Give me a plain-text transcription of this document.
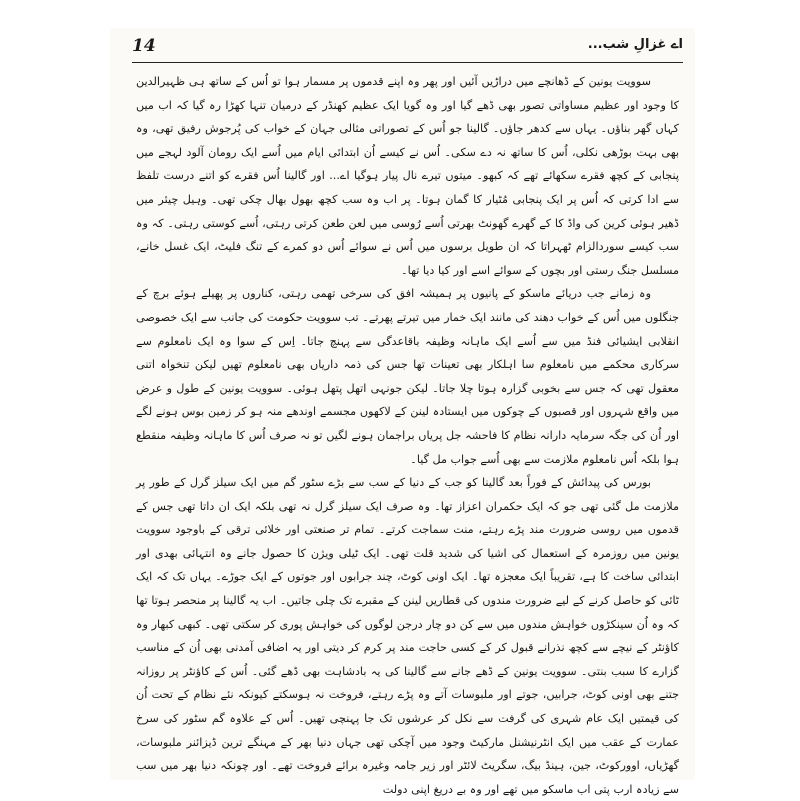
14	اے غزالِ شب...

سوویت یونین کے ڈھانچے میں دراڑیں آئیں اور پھر وہ اپنے قدموں پر مسمار ہوا تو اُس کے ساتھ ہی ظہیرالدین کا وجود اور عظیم مساواتی تصور بھی ڈھے گیا اور وہ گویا ایک عظیم کھنڈر کے درمیان تنہا کھڑا رہ گیا کہ اب میں کہاں گھر بناؤں۔ یہاں سے کدھر جاؤں۔ گالینا جو اُس کے تصوراتی مثالی جہان کے خواب کی پُرجوش رفیق تھی، وہ بھی بہت بوڑھی نکلی، اُس کا ساتھ نہ دے سکی۔ اُس نے کیسے اُن ابتدائی ایام میں اُسے ایک رومان آلود لہجے میں پنجابی کے کچھ فقرے سکھائے تھے کہ کبھو۔ میتوں تیرے نال پیار ہوگیا اے... اور گالینا اُس فقرے کو اتنے درست تلفظ سے ادا کرتی کہ اُس پر ایک پنجابی مُٹیار کا گمان ہوتا۔ پر اب وہ سب کچھ بھول بھال چکی تھی۔ وہیل چیئر میں ڈھیر ہوئی کرین کی واڈ کا کے گھرے گھونٹ بھرتی اُسے رُوسی میں لعن طعن کرتی رہتی، اُسے کوستی رہتی۔ کہ وہ سب کیسے سوردالزام ٹھہراتا کہ ان طویل برسوں میں اُس نے سوائے اُس دو کمرے کے تنگ فلیٹ، ایک غسل خانے، مسلسل جنگ رستی اور بچوں کے سوائے اسے اور کیا دیا تھا۔

وہ زمانے جب دریائے ماسکو کے پانیوں پر ہمیشہ افق کی سرخی تھمی رہتی، کناروں پر پھیلے ہوئے برچ کے جنگلوں میں اُس کے خواب دھند کی مانند ایک خمار میں تیرتے پھرتے۔ تب سوویت حکومت کی جانب سے ایک خصوصی انقلابی ایشیائی فنڈ میں سے اُسے ایک ماہانہ وظیفہ باقاعدگی سے پہنچ جاتا۔ اِس کے سوا وہ ایک نامعلوم سے سرکاری محکمے میں نامعلوم سا اہلکار بھی تعینات تھا جس کی ذمہ داریاں بھی نامعلوم تھیں لیکن تنخواہ اتنی معقول تھی کہ جس سے بخوبی گزارہ ہوتا چلا جاتا۔ لیکن جونہی اتھل پتھل ہوئی۔ سوویت یونین کے طول و عرض میں واقع شہروں اور قصبوں کے چوکوں میں ایستادہ لینن کے لاکھوں مجسمے اوندھے منہ ہو کر زمین بوس ہونے لگے اور اُن کی جگہ سرمایہ دارانہ نظام کا فاحشہ جل پریاں براجمان ہونے لگیں تو نہ صرف اُس کا ماہانہ وظیفہ منقطع ہوا بلکہ اُس نامعلوم ملازمت سے بھی اُسے جواب مل گیا۔

بورس کی پیدائش کے فوراً بعد گالینا کو جب کے دنیا کے سب سے بڑے سٹور گم میں ایک سیلز گرل کے طور پر ملازمت مل گئی تھی جو کہ ایک حکمران اعزاز تھا۔ وہ صرف ایک سیلز گرل نہ تھی بلکہ ایک ان داتا تھی جس کے قدموں میں روسی ضرورت مند پڑے رہتے، منت سماجت کرتے۔ تمام تر صنعتی اور خلائی ترقی کے باوجود سوویت یونین میں روزمرہ کے استعمال کی اشیا کی شدید قلت تھی۔ ایک ٹیلی ویژن کا حصول جانے وہ انتہائی بھدی اور ابتدائی ساخت کا ہے، تقریباً ایک معجزہ تھا۔ ایک اونی کوٹ، چند جرابوں اور جوتوں کے ایک جوڑے۔ یہاں تک کہ ایک ٹائی کو حاصل کرنے کے لیے ضرورت مندوں کی قطاریں لینن کے مقبرے تک چلی جاتیں۔ اب یہ گالینا پر منحصر ہوتا تھا کہ وہ اُن سینکڑوں خواہش مندوں میں سے کن دو چار درجن لوگوں کی خواہش پوری کر سکتی تھی۔ کبھی کبھار وہ کاؤنٹر کے نیچے سے کچھ نذرانے قبول کر کے کسی حاجت مند پر کرم کر دیتی اور یہ اضافی آمدنی بھی اُن کے مناسب گزارے کا سبب بنتی۔ سوویت یونین کے ڈھے جانے سے گالینا کی یہ بادشاہت بھی ڈھے گئی۔ اُس کے کاؤنٹر پر روزانہ جتنے بھی اونی کوٹ، جرابیں، جوتے اور ملبوسات آتے وہ پڑے رہتے، فروخت نہ ہوسکتے کیونکہ نئے نظام کے تحت اُن کی قیمتیں ایک عام شہری کی گرفت سے نکل کر عرشوں تک جا پہنچی تھیں۔ اُس کے علاوہ گم سٹور کی سرخ عمارت کے عقب میں ایک انٹرنیشنل مارکیٹ وجود میں آچکی تھی جہاں دنیا بھر کے مہنگے ترین ڈیزائنر ملبوسات، گھڑیاں، اوورکوٹ، جین، ہینڈ بیگ، سگریٹ لائٹر اور زیر جامہ وغیرہ برائے فروخت تھے۔ اور چونکہ دنیا بھر میں سب سے زیادہ ارب پتی اب ماسکو میں تھے اور وہ بے دریغ اپنی دولت
